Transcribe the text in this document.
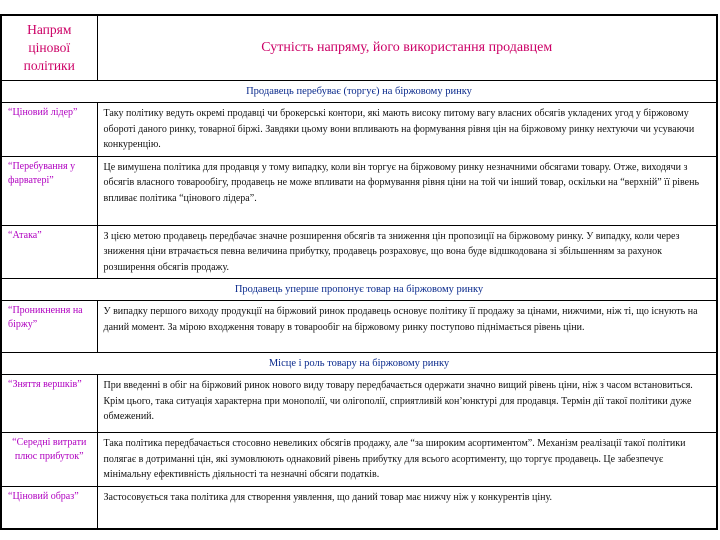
Напрям цінової політики	Сутність напряму, його використання продавцем
Продавець перебуває (торгує) на біржовому ринку	
“Ціновий лідер”	Таку політику ведуть окремі продавці чи брокерські контори, які мають високу питому вагу власних обсягів укладених угод у біржовому обороті даного ринку, товарної біржі. Завдяки цьому вони впливають на формування рівня цін на біржовому ринку нехтуючи чи усуваючи конкуренцію.
“Перебування у фарватері”	Це вимушена політика для продавця у тому випадку, коли він торгує на біржовому ринку незначними обсягами товару. Отже, виходячи з обсягів власного товарообігу, продавець не може впливати на формування рівня ціни на той чи інший товар, оскільки на “верхній” її рівень впливає політика “цінового лідера”.
“Атака”	З цією метою продавець передбачає значне розширення обсягів та зниження цін пропозиції на біржовому ринку. У випадку, коли через зниження ціни втрачається певна величина прибутку, продавець розраховує, що вона буде відшкодована зі збільшенням за рахунок розширення обсягів продажу.
Продавець уперше пропонує товар на біржовому ринку	
“Проникнення на біржу”	У випадку першого виходу продукції на біржовий ринок продавець основує політику її продажу за цінами, нижчими, ніж ті, що існують на даний момент. За мірою входження товару в товарообіг на біржовому ринку поступово піднімається рівень ціни.
Місце і роль товару на біржовому ринку	
“Зняття вершків”	При введенні в обіг на біржовий ринок нового виду товару передбачається одержати значно вищий рівень ціни, ніж з часом встановиться. Крім цього, така ситуація характерна при монополії, чи олігополії, сприятливій кон’юнктурі для продавця. Термін дії такої політики дуже обмежений.
“Середні витрати плюс прибуток”	Така політика передбачається стосовно невеликих обсягів продажу, але “за широким асортиментом”. Механізм реалізації такої політики полягає в дотриманні цін, які зумовлюють однаковий рівень прибутку для всього асортименту, що торгує продавець. Це забезпечує мінімальну ефективність діяльності та незначні обсяги податків.
“Ціновий образ”	Застосовується така політика для створення уявлення, що даний товар має нижчу ніж у конкурентів ціну.
